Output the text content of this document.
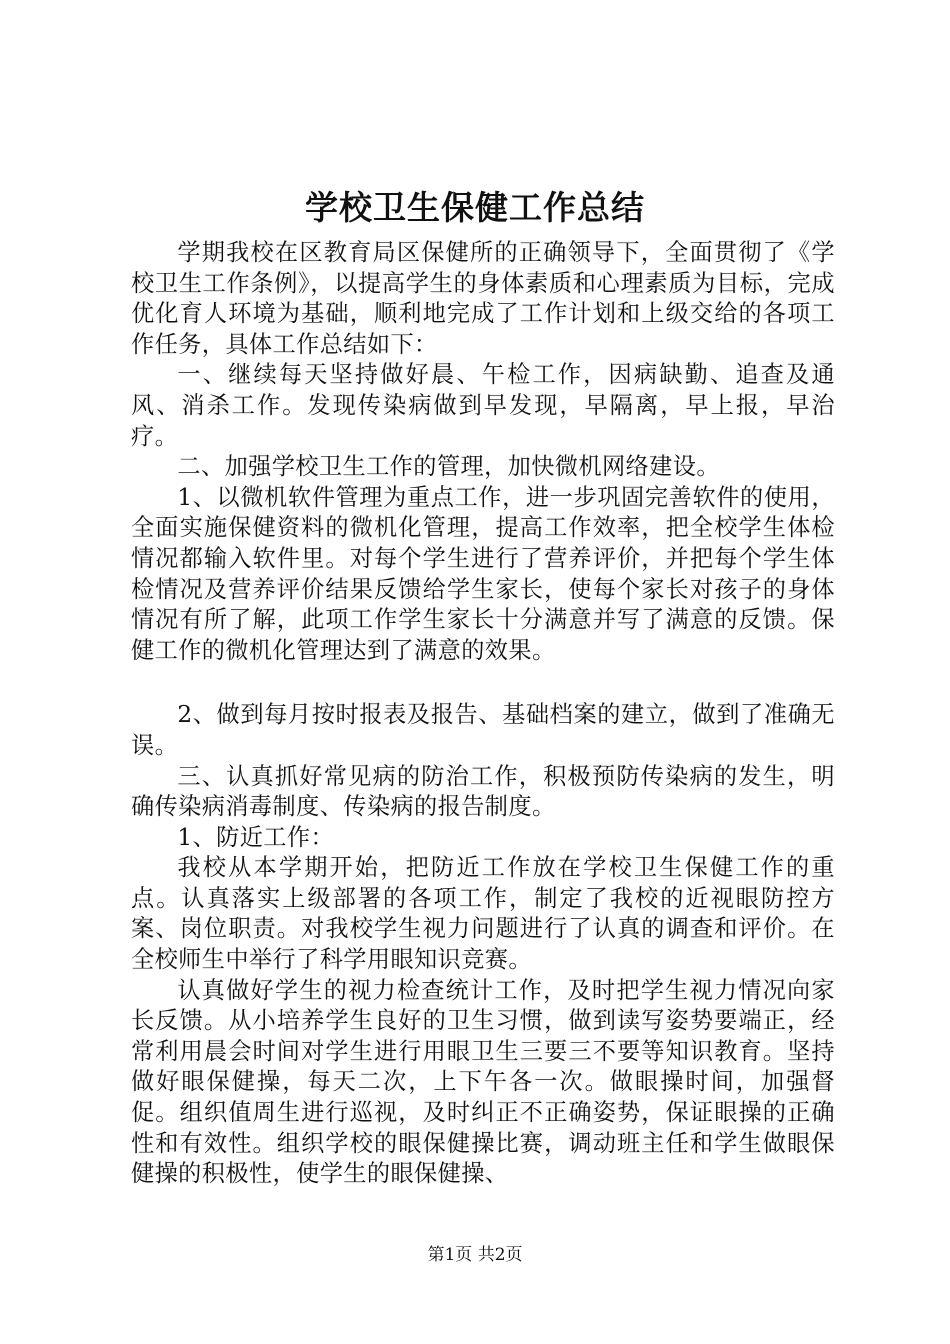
学校卫生保健工作总结

学期我校在区教育局区保健所的正确领导下，全面贯彻了《学校卫生工作条例》，以提高学生的身体素质和心理素质为目标，完成优化育人环境为基础，顺利地完成了工作计划和上级交给的各项工作任务，具体工作总结如下：

一、继续每天坚持做好晨、午检工作，因病缺勤、追查及通风、消杀工作。发现传染病做到早发现，早隔离，早上报，早治疗。

二、加强学校卫生工作的管理，加快微机网络建设。

1、以微机软件管理为重点工作，进一步巩固完善软件的使用，全面实施保健资料的微机化管理，提高工作效率，把全校学生体检情况都输入软件里。对每个学生进行了营养评价，并把每个学生体检情况及营养评价结果反馈给学生家长，使每个家长对孩子的身体情况有所了解，此项工作学生家长十分满意并写了满意的反馈。保健工作的微机化管理达到了满意的效果。

2、做到每月按时报表及报告、基础档案的建立，做到了准确无误。

三、认真抓好常见病的防治工作，积极预防传染病的发生，明确传染病消毒制度、传染病的报告制度。

1、防近工作：

我校从本学期开始，把防近工作放在学校卫生保健工作的重点。认真落实上级部署的各项工作，制定了我校的近视眼防控方案、岗位职责。对我校学生视力问题进行了认真的调查和评价。在全校师生中举行了科学用眼知识竞赛。

认真做好学生的视力检查统计工作，及时把学生视力情况向家长反馈。从小培养学生良好的卫生习惯，做到读写姿势要端正，经常利用晨会时间对学生进行用眼卫生三要三不要等知识教育。坚持做好眼保健操，每天二次，上下午各一次。做眼操时间，加强督促。组织值周生进行巡视，及时纠正不正确姿势，保证眼操的正确性和有效性。组织学校的眼保健操比赛，调动班主任和学生做眼保健操的积极性，使学生的眼保健操、

第1页 共2页
